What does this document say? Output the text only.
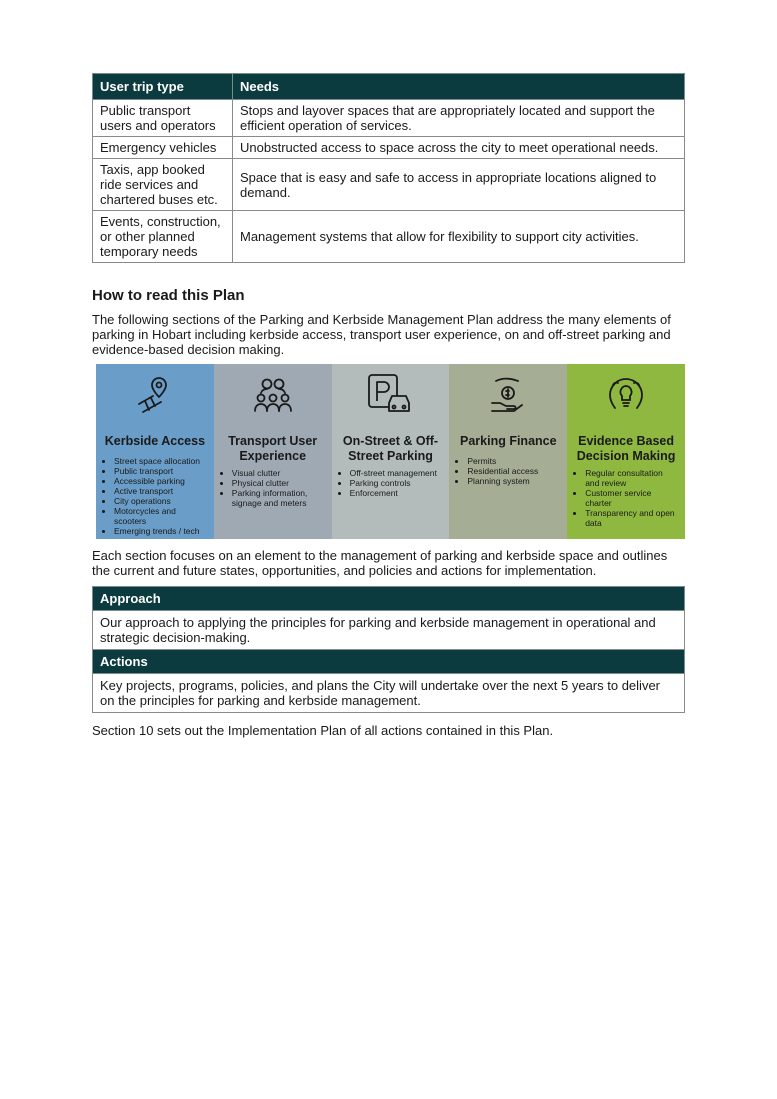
User trip type	Needs
Public transport users and operators	Stops and layover spaces that are appropriately located and support the efficient operation of services.
Emergency vehicles	Unobstructed access to space across the city to meet operational needs.
Taxis, app booked ride services and chartered buses etc.	Space that is easy and safe to access in appropriate locations aligned to demand.
Events, construction, or other planned temporary needs	Management systems that allow for flexibility to support city activities.
How to read this Plan

The following sections of the Parking and Kerbside Management Plan address the many elements of parking in Hobart including kerbside access, transport user experience, on and off-street parking and evidence-based decision making.

Kerbside Access
• Street space allocation
• Public transport
• Accessible parking
• Active transport
• City operations
• Motorcycles and scooters
• Emerging trends / tech
Transport User Experience
• Visual clutter
• Physical clutter
• Parking information, signage and meters
On-Street & Off-Street Parking
• Off-street management
• Parking controls
• Enforcement
Parking Finance
• Permits
• Residential access
• Planning system
Evidence Based Decision Making
• Regular consultation and review
• Customer service charter
• Transparency and open data

Each section focuses on an element to the management of parking and kerbside space and outlines the current and future states, opportunities, and policies and actions for implementation.

Approach
Our approach to applying the principles for parking and kerbside management in operational and strategic decision-making.
Actions
Key projects, programs, policies, and plans the City will undertake over the next 5 years to deliver on the principles for parking and kerbside management.

Section 10 sets out the Implementation Plan of all actions contained in this Plan.
